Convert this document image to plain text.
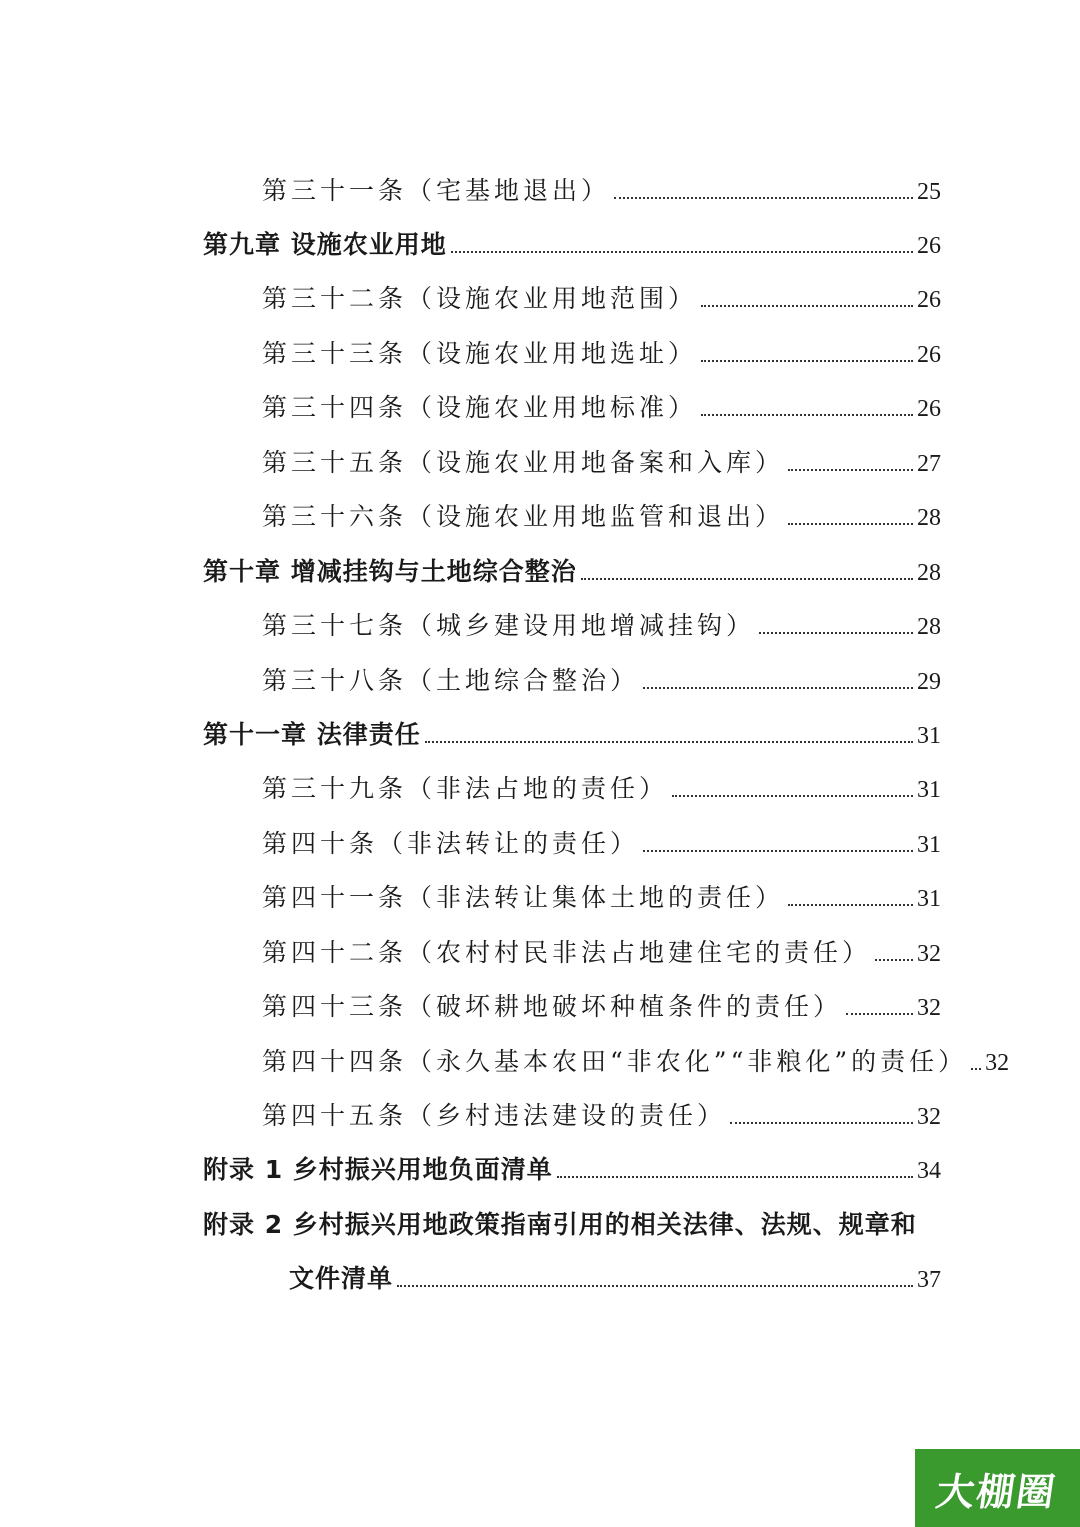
第三十一条（宅基地退出）	25
第九章 设施农业用地	26
第三十二条（设施农业用地范围）	26
第三十三条（设施农业用地选址）	26
第三十四条（设施农业用地标准）	26
第三十五条（设施农业用地备案和入库）	27
第三十六条（设施农业用地监管和退出）	28
第十章 增减挂钩与土地综合整治	28
第三十七条（城乡建设用地增减挂钩）	28
第三十八条（土地综合整治）	29
第十一章 法律责任	31
第三十九条（非法占地的责任）	31
第四十条（非法转让的责任）	31
第四十一条（非法转让集体土地的责任）	31
第四十二条（农村村民非法占地建住宅的责任） 32
第四十三条（破坏耕地破坏种植条件的责任）	32
第四十四条（永久基本农田“非农化”“非粮化”的责任） 32
第四十五条（乡村违法建设的责任）	32
附录 1 乡村振兴用地负面清单	34
附录 2 乡村振兴用地政策指南引用的相关法律、法规、规章和
文件清单	37
大棚圈
